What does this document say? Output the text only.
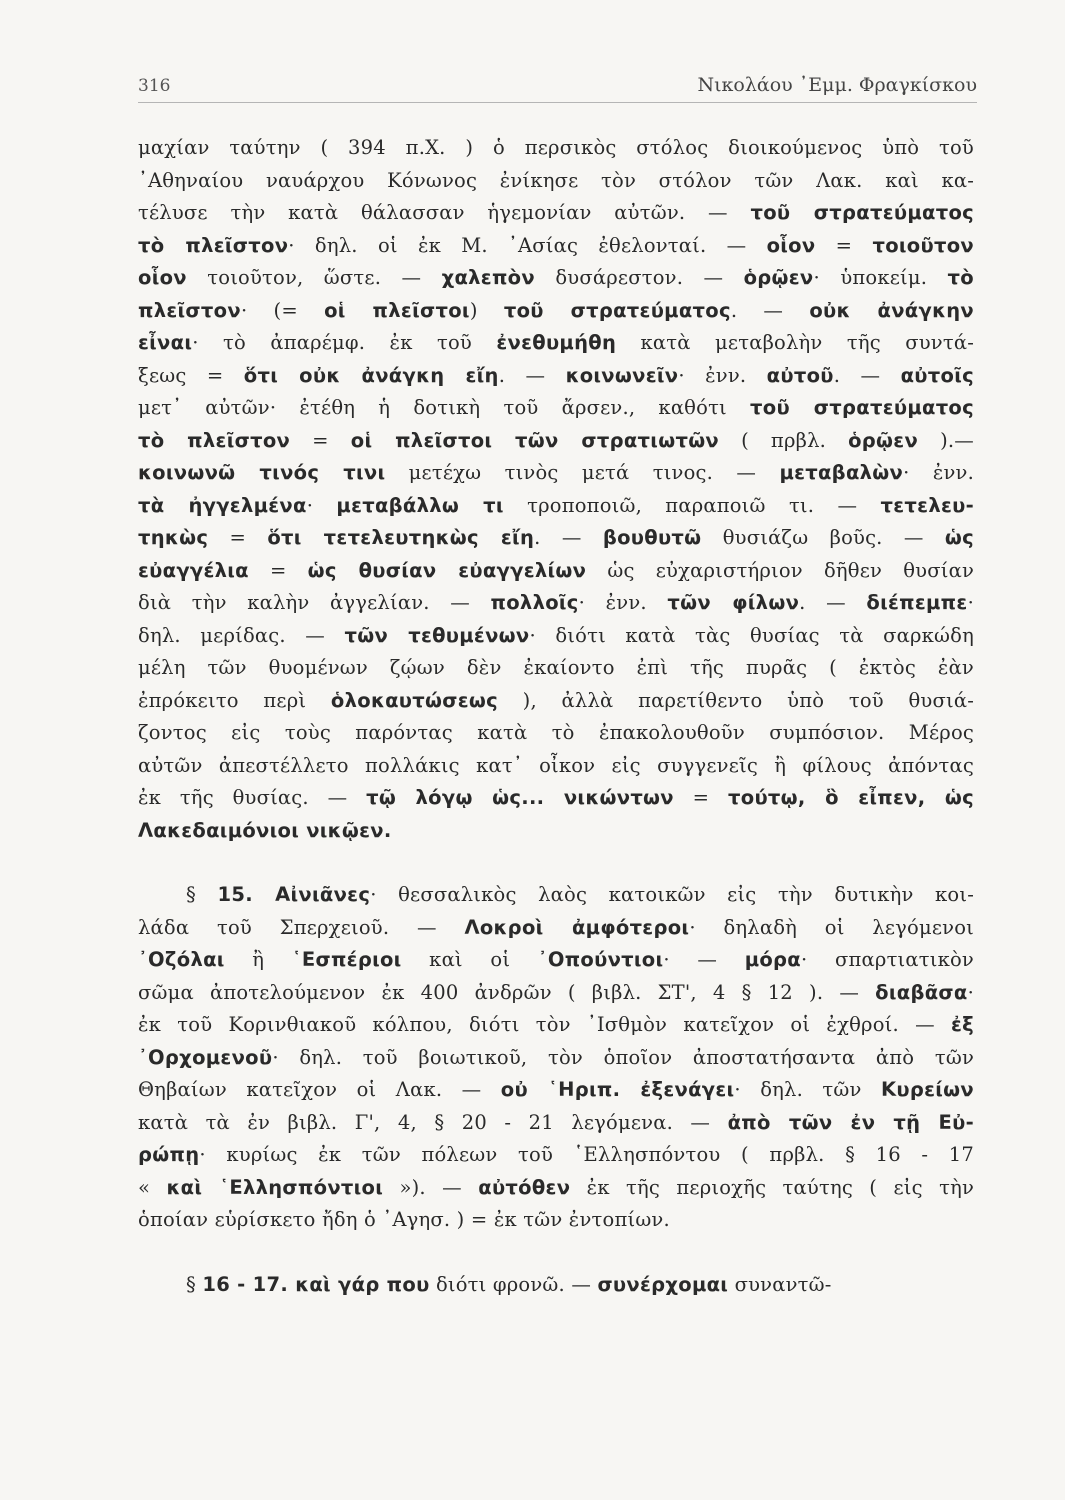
316	Νικολάου ᾿Εμμ. Φραγκίσκου
μαχίαν ταύτην ( 394 π.Χ. ) ὁ περσικὸς στόλος διοικούμενος ὑπὸ τοῦ
᾿Αθηναίου ναυάρχου Κόνωνος ἐνίκησε τὸν στόλον τῶν Λακ. καὶ κα-
τέλυσε τὴν κατὰ θάλασσαν ἡγεμονίαν αὐτῶν. — τοῦ στρατεύματος
τὸ πλεῖστον· δηλ. οἱ ἐκ Μ. ᾿Ασίας ἐθελονταί. — οἷον = τοιοῦτον
οἷον τοιοῦτον, ὥστε. — χαλεπὸν δυσάρεστον. — ὁρῷεν· ὑποκείμ. τὸ
πλεῖστον· (= οἱ πλεῖστοι) τοῦ στρατεύματος. — οὐκ ἀνάγκην
εἶναι· τὸ ἀπαρέμφ. ἐκ τοῦ ἐνεθυμήθη κατὰ μεταβολὴν τῆς συντά-
ξεως = ὅτι οὐκ ἀνάγκη εἴη. — κοινωνεῖν· ἐνν. αὐτοῦ. — αὐτοῖς
μετ᾿ αὐτῶν· ἐτέθη ἡ δοτικὴ τοῦ ἄρσεν., καθότι τοῦ στρατεύματος
τὸ πλεῖστον = οἱ πλεῖστοι τῶν στρατιωτῶν ( πρβλ. ὁρῷεν ).—
κοινωνῶ τινός τινι μετέχω τινὸς μετά τινος. — μεταβαλὼν· ἐνν.
τὰ ἠγγελμένα· μεταβάλλω τι τροποποιῶ, παραποιῶ τι. — τετελευ-
τηκὼς = ὅτι τετελευτηκὼς εἴη. — βουθυτῶ θυσιάζω βοῦς. — ὡς
εὐαγγέλια = ὡς θυσίαν εὐαγγελίων ὡς εὐχαριστήριον δῆθεν θυσίαν
διὰ τὴν καλὴν ἀγγελίαν. — πολλοῖς· ἐνν. τῶν φίλων. — διέπεμπε·
δηλ. μερίδας. — τῶν τεθυμένων· διότι κατὰ τὰς θυσίας τὰ σαρκώδη
μέλη τῶν θυομένων ζῴων δὲν ἐκαίοντο ἐπὶ τῆς πυρᾶς ( ἐκτὸς ἐὰν
ἐπρόκειτο περὶ ὁλοκαυτώσεως ), ἀλλὰ παρετίθεντο ὑπὸ τοῦ θυσιά-
ζοντος εἰς τοὺς παρόντας κατὰ τὸ ἐπακολουθοῦν συμπόσιον. Μέρος
αὐτῶν ἀπεστέλλετο πολλάκις κατ᾿ οἶκον εἰς συγγενεῖς ἢ φίλους ἀπόντας
ἐκ τῆς θυσίας. — τῷ λόγῳ ὡς... νικώντων = τούτῳ, ὃ εἶπεν, ὡς
Λακεδαιμόνιοι νικῷεν.
§ 15. Αἰνιᾶνες· θεσσαλικὸς λαὸς κατοικῶν εἰς τὴν δυτικὴν κοι-
λάδα τοῦ Σπερχειοῦ. — Λοκροὶ ἀμφότεροι· δηλαδὴ οἱ λεγόμενοι
᾿Οζόλαι ἢ ῾Εσπέριοι καὶ οἱ ᾿Οπούντιοι· — μόρα· σπαρτιατικὸν
σῶμα ἀποτελούμενον ἐκ 400 ἀνδρῶν ( βιβλ. ΣΤ', 4 § 12 ). — διαβᾶσα·
ἐκ τοῦ Κορινθιακοῦ κόλπου, διότι τὸν ᾿Ισθμὸν κατεῖχον οἱ ἐχθροί. — ἐξ
᾿Ορχομενοῦ· δηλ. τοῦ βοιωτικοῦ, τὸν ὁποῖον ἀποστατήσαντα ἀπὸ τῶν
Θηβαίων κατεῖχον οἱ Λακ. — οὐ ῾Ηριπ. ἐξενάγει· δηλ. τῶν Κυρείων
κατὰ τὰ ἐν βιβλ. Γ', 4, § 20 - 21 λεγόμενα. — ἀπὸ τῶν ἐν τῇ Εὐ-
ρώπῃ· κυρίως ἐκ τῶν πόλεων τοῦ ῾Ελλησπόντου ( πρβλ. § 16 - 17
« καὶ ῾Ελλησπόντιοι »). — αὐτόθεν ἐκ τῆς περιοχῆς ταύτης ( εἰς τὴν
ὁποίαν εὑρίσκετο ἤδη ὁ ᾿Αγησ. ) = ἐκ τῶν ἐντοπίων.
§ 16 - 17. καὶ γάρ που διότι φρονῶ. — συνέρχομαι συναντῶ-
